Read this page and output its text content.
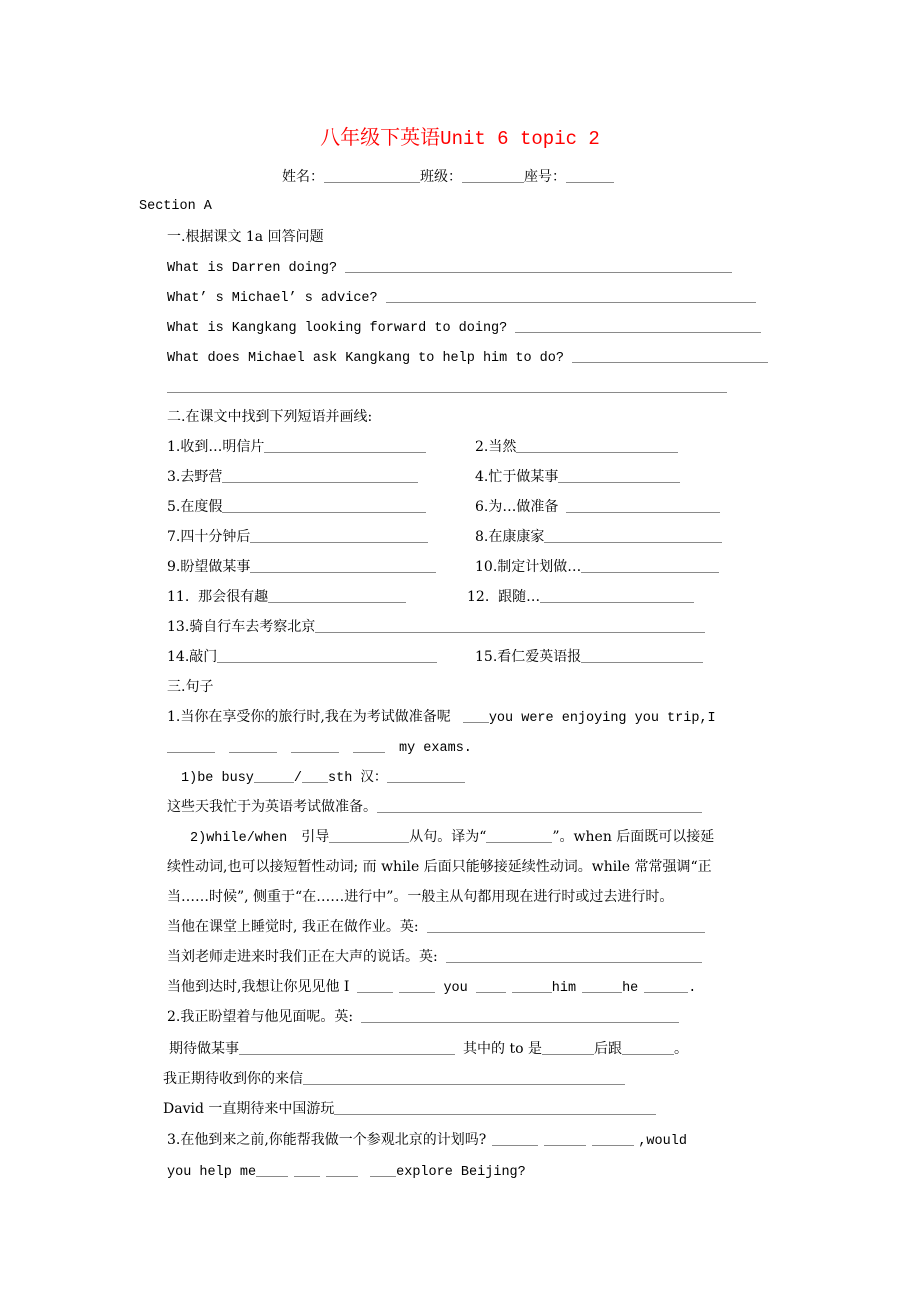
八年级下英语Unit 6 topic 2
姓名：	班级：	座号：
Section A
一.根据课文 1a 回答问题
What is Darren doing?
What’ s Michael’ s advice?
What is Kangkang looking forward to doing?
What does Michael ask Kangkang to help him to do?
二.在课文中找到下列短语并画线:
1.收到…明信片	2.当然
3.去野营	4.忙于做某事
5.在度假	6.为…做准备
7.四十分钟后	8.在康康家
9.盼望做某事	10.制定计划做…
11.  那会很有趣	12.  跟随…
13.骑自行车去考察北京
14.敲门	15.看仁爱英语报
三.句子
1.当你在享受你的旅行时,我在为考试做准备呢	you were enjoying you trip,I
my exams.
1)be busy	/ sth 汉：
这些天我忙于为英语考试做准备。
2)while/when 引导	从句。译为“	”。when 后面既可以接延
续性动词,也可以接短暂性动词; 而 while 后面只能够接延续性动词。while 常常强调“正
当……时候”, 侧重于“在……进行中”。一般主从句都用现在进行时或过去进行时。
当他在课堂上睡觉时, 我正在做作业。英:
当刘老师走进来时我们正在大声的说话。英:
当他到达时,我想让你见见他 I	you	him	he	.
2.我正盼望着与他见面呢。英:
期待做某事	其中的 to 是	后跟	。
我正期待收到你的来信
David 一直期待来中国游玩
3.在他到来之前,你能帮我做一个参观北京的计划吗?	,would
you help me	explore Beijing?
